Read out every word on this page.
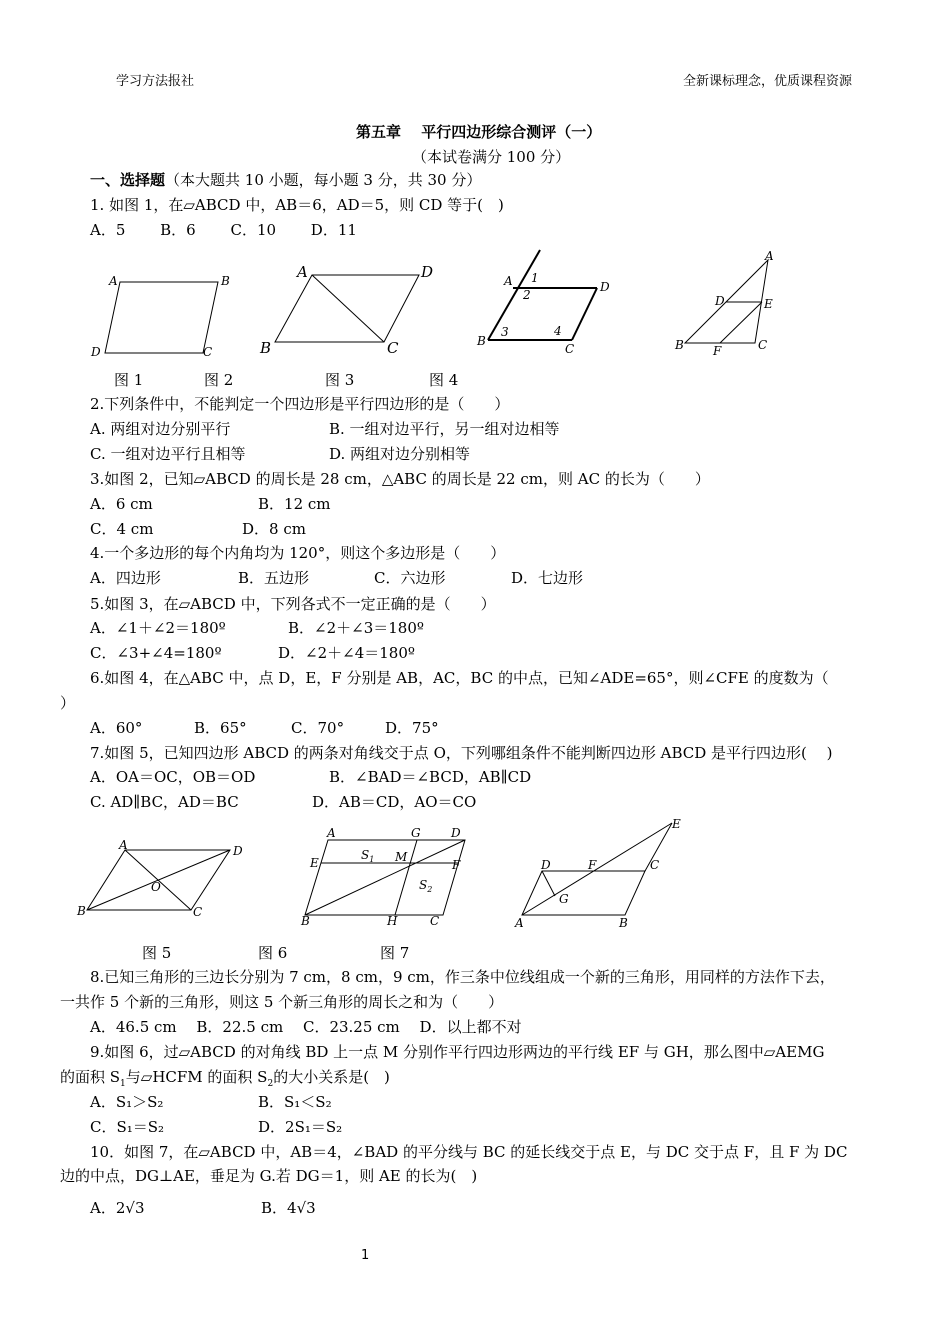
学习方法报社	全新课标理念，优质课程资源
第五章　 平行四边形综合测评（一）
（本试卷满分 100 分）
一、选择题（本大题共 10 小题，每小题 3 分，共 30 分）
1. 如图 1，在▱ABCD 中，AB＝6，AD＝5，则 CD 等于(　)
A．5　　 B．6　　 C．10　　 D．11
A	B
D	C
A	D
B	C
A 1
2
D
B
3	4
C
A
D	E
B F	C
图 1	图 2	图 3	图 4
2.下列条件中，不能判定一个四边形是平行四边形的是（　　）
A. 两组对边分别平行	B. 一组对边平行，另一组对边相等
C. 一组对边平行且相等	D. 两组对边分别相等
3.如图 2，已知▱ABCD 的周长是 28 cm，△ABC 的周长是 22 cm，则 AC 的长为（　　）
A．6 cm	B．12 cm
C．4 cm	D．8 cm
4.一个多边形的每个内角均为 120°，则这个多边形是（　　）
A．四边形	B．五边形	C．六边形	D．七边形
5.如图 3，在▱ABCD 中，下列各式不一定正确的是（　　）
A．∠1＋∠2＝180º	B．∠2＋∠3＝180º
C．∠3+∠4=180º	D．∠2＋∠4＝180º
6.如图 4，在△ABC 中，点 D，E，F 分别是 AB，AC，BC 的中点，已知∠ADE=65°，则∠CFE 的度数为（
）
A．60°	B．65°	C．70°	D．75°
7.如图 5，已知四边形 ABCD 的两条对角线交于点 O，下列哪组条件不能判断四边形 ABCD 是平行四边形(　 )
A．OA＝OC，OB＝OD	B．∠BAD＝∠BCD，AB∥CD
C. AD∥BC，AD＝BC	D．AB＝CD，AO＝CO
A	D
O
B	C
A	G	D
E
$S_1$ M
F
$S_2$
B	H	C
D	F	C
E
G
A	B
图 5	图 6	图 7
8.已知三角形的三边长分别为 7 cm，8 cm，9 cm，作三条中位线组成一个新的三角形，用同样的方法作下去，
一共作 5 个新的三角形，则这 5 个新三角形的周长之和为（　　）
A．46.5 cm　 B．22.5 cm　 C．23.25 cm　 D．以上都不对
9.如图 6，过▱ABCD 的对角线 BD 上一点 M 分别作平行四边形两边的平行线 EF 与 GH，那么图中▱AEMG
的面积 $S_1$与▱HCFM 的面积 $S_2$的大小关系是(　)
A．S₁＞S₂	B．S₁＜S₂
C．S₁＝S₂	D．2S₁＝S₂
10．如图 7，在▱ABCD 中，AB＝4，∠BAD 的平分线与 BC 的延长线交于点 E，与 DC 交于点 F，且 F 为 DC
边的中点，DG⊥AE，垂足为 G.若 DG＝1，则 AE 的长为(　)
A．2√3	B．4√3
1
